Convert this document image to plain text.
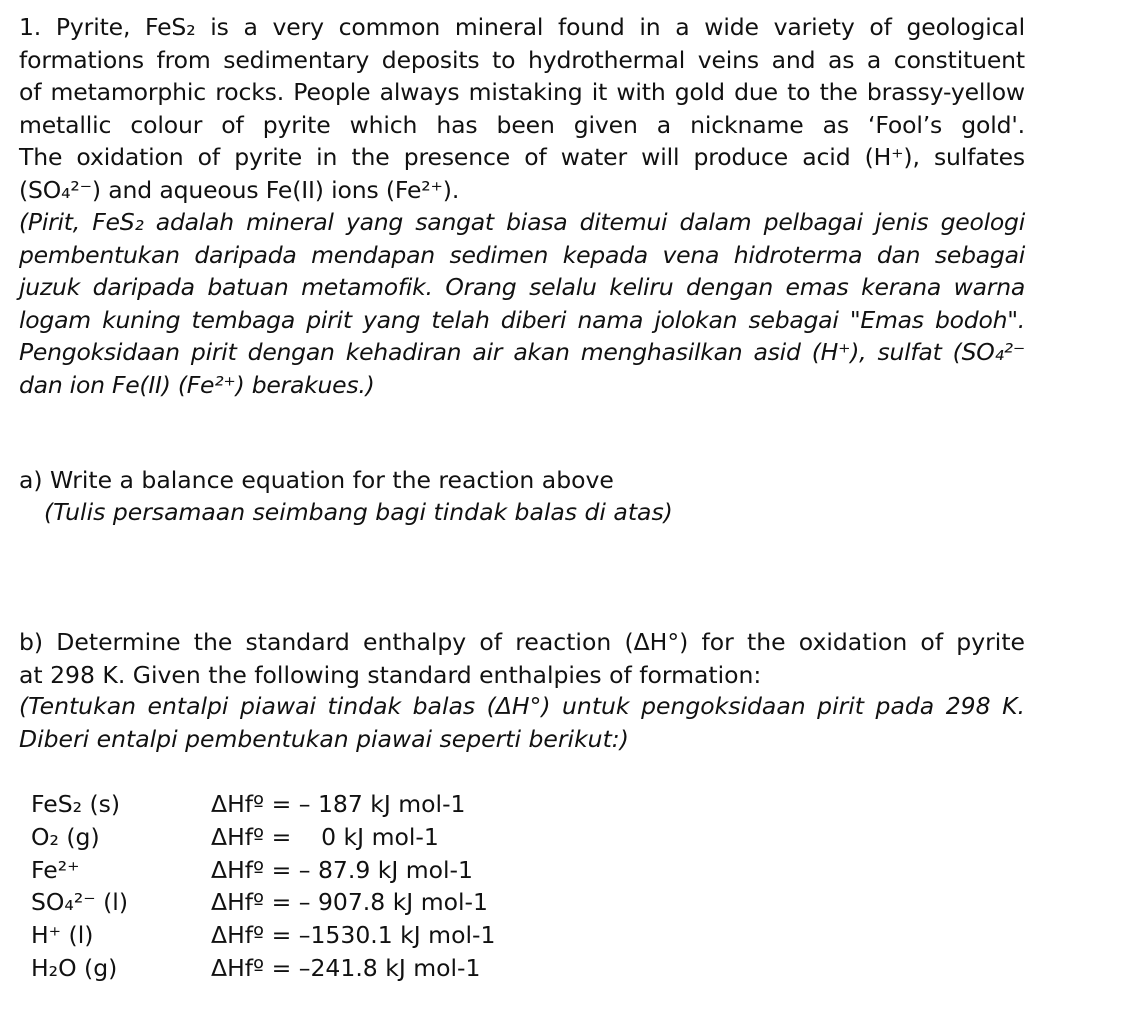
1. Pyrite, FeS₂ is a very common mineral found in a wide variety of geological
formations from sedimentary deposits to hydrothermal veins and as a constituent
of metamorphic rocks. People always mistaking it with gold due to the brassy-yellow
metallic colour of pyrite which has been given a nickname as ‘Fool’s gold'.
The oxidation of pyrite in the presence of water will produce acid (H⁺), sulfates
(SO₄²⁻) and aqueous Fe(II) ions (Fe²⁺).
(Pirit, FeS₂ adalah mineral yang sangat biasa ditemui dalam pelbagai jenis geologi
pembentukan daripada mendapan sedimen kepada vena hidroterma dan sebagai
juzuk daripada batuan metamofik. Orang selalu keliru dengan emas kerana warna
logam kuning tembaga pirit yang telah diberi nama jolokan sebagai "Emas bodoh".
Pengoksidaan pirit dengan kehadiran air akan menghasilkan asid (H⁺), sulfat (SO₄²⁻
dan ion Fe(II) (Fe²⁺) berakues.)
a) Write a balance equation for the reaction above
(Tulis persamaan seimbang bagi tindak balas di atas)
b) Determine the standard enthalpy of reaction (ΔH°) for the oxidation of pyrite
at 298 K. Given the following standard enthalpies of formation:
(Tentukan entalpi piawai tindak balas (ΔH°) untuk pengoksidaan pirit pada 298 K.
Diberi entalpi pembentukan piawai seperti berikut:)
FeS₂ (s)	ΔHfº = – 187 kJ mol-1
O₂ (g)	ΔHfº =    0 kJ mol-1
Fe²⁺	ΔHfº = – 87.9 kJ mol-1
SO₄²⁻ (l)	ΔHfº = – 907.8 kJ mol-1
H⁺ (l)	ΔHfº = –1530.1 kJ mol-1
H₂O (g)	ΔHfº = –241.8 kJ mol-1
